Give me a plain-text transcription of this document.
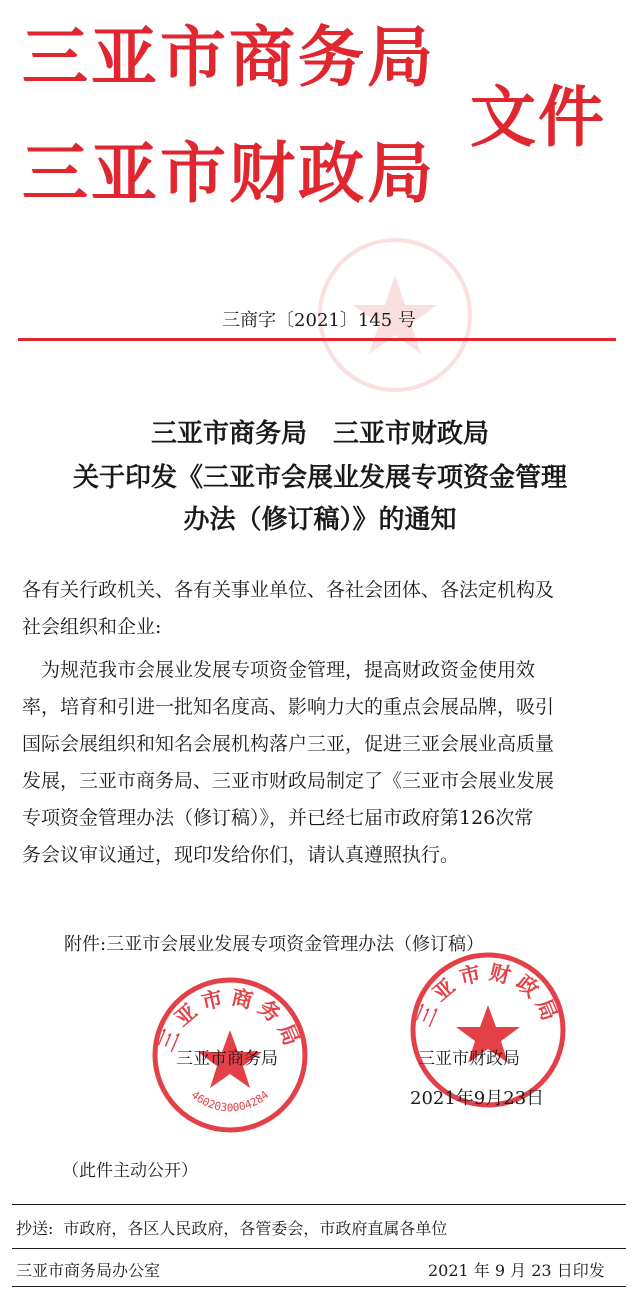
三亚市商务局
三亚市财政局
文件
三商字〔2021〕145 号
三亚市商务局　三亚市财政局
关于印发《三亚市会展业发展专项资金管理
办法（修订稿）》的通知
各有关行政机关、各有关事业单位、各社会团体、各法定机构及
社会组织和企业:
　为规范我市会展业发展专项资金管理，提高财政资金使用效
率，培育和引进一批知名度高、影响力大的重点会展品牌，吸引
国际会展组织和知名会展机构落户三亚，促进三亚会展业高质量
发展，三亚市商务局、三亚市财政局制定了《三亚市会展业发展
专项资金管理办法（修订稿）》，并已经七届市政府第126次常
务会议审议通过，现印发给你们，请认真遵照执行。
附件:三亚市会展业发展专项资金管理办法（修订稿）
三亚市商务局
4602030004284
三亚市财政局
三亚市商务局	三亚市财政局
2021年9月23日
（此件主动公开）
抄送: 市政府，各区人民政府，各管委会，市政府直属各单位
三亚市商务局办公室	2021 年 9 月 23 日印发
